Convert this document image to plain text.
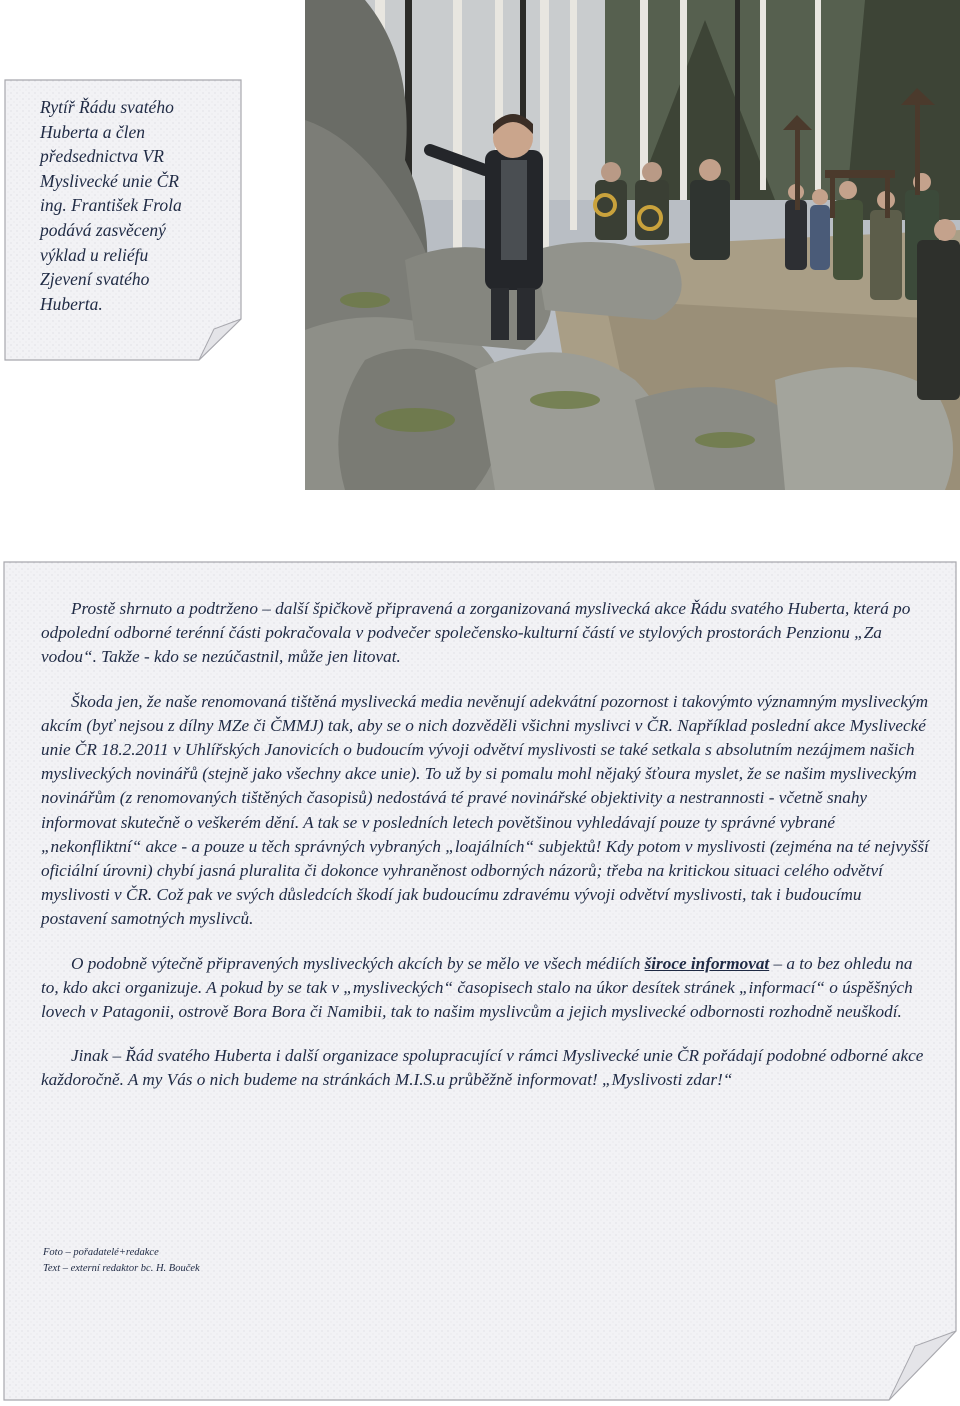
Rytíř Řádu svatého
Huberta a člen
předsednictva VR
Myslivecké unie ČR
ing. František Frola
podává zasvěcený
výklad u reliéfu
Zjevení svatého
Huberta.

Prostě shrnuto a podtrženo – další špičkově připravená a zorganizovaná myslivecká akce Řádu svatého Huberta, která po odpolední odborné terénní části pokračovala v podvečer společensko-kulturní částí ve stylových prostorách Penzionu „Za vodou“. Takže - kdo se nezúčastnil, může jen litovat.

Škoda jen, že naše renomovaná tištěná myslivecká media nevěnují adekvátní pozornost i takovýmto významným mysliveckým akcím (byť nejsou z dílny MZe či ČMMJ) tak, aby se o nich dozvěděli všichni myslivci v ČR. Například poslední akce Myslivecké unie ČR 18.2.2011 v Uhlířských Janovicích o budoucím vývoji odvětví myslivosti se také setkala s absolutním nezájmem našich mysliveckých novinářů (stejně jako všechny akce unie). To už by si pomalu mohl nějaký šťoura myslet, že se našim mysliveckým novinářům (z renomovaných tištěných časopisů) nedostává té pravé novinářské objektivity a nestrannosti - včetně snahy informovat skutečně o veškerém dění. A tak se v posledních letech povětšinou vyhledávají pouze ty správné vybrané „nekonfliktní“ akce - a pouze u těch správných vybraných „loajálních“ subjektů! Kdy potom v myslivosti (zejména na té nejvyšší oficiální úrovni) chybí jasná pluralita či dokonce vyhraněnost odborných názorů; třeba na kritickou situaci celého odvětví myslivosti v ČR. Což pak ve svých důsledcích škodí jak budoucímu zdravému vývoji odvětví myslivosti, tak i budoucímu postavení samotných myslivců.

O podobně výtečně připravených mysliveckých akcích by se mělo ve všech médiích široce informovat – a to bez ohledu na to, kdo akci organizuje. A pokud by se tak v „mysliveckých“ časopisech stalo na úkor desítek stránek „informací“ o úspěšných lovech v Patagonii, ostrově Bora Bora či Namibii, tak to našim myslivcům a jejich myslivecké odbornosti rozhodně neuškodí.

Jinak – Řád svatého Huberta i další organizace spolupracující v rámci Myslivecké unie ČR pořádají podobné odborné akce každoročně. A my Vás o nich budeme na stránkách M.I.S.u průběžně informovat! „Myslivosti zdar!“

Foto – pořadatelé+redakce
Text – externí redaktor bc. H. Bouček
